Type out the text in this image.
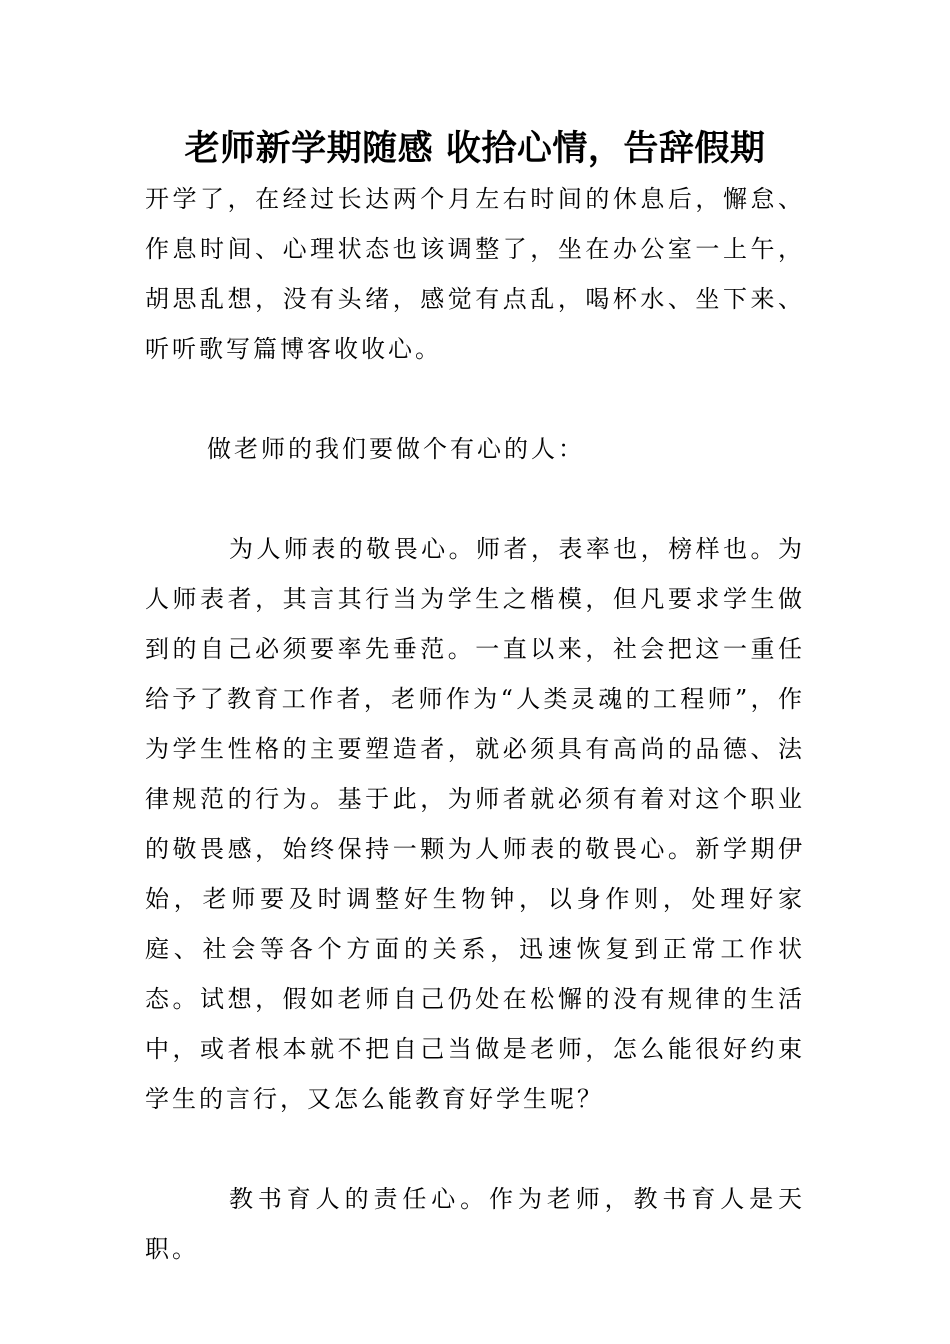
老师新学期随感 收拾心情，告辞假期

开学了，在经过长达两个月左右时间的休息后，懈怠、作息时间、心理状态也该调整了，坐在办公室一上午，胡思乱想，没有头绪，感觉有点乱，喝杯水、坐下来、听听歌写篇博客收收心。

做老师的我们要做个有心的人：

为人师表的敬畏心。师者，表率也，榜样也。为人师表者，其言其行当为学生之楷模，但凡要求学生做到的自己必须要率先垂范。一直以来，社会把这一重任给予了教育工作者，老师作为“人类灵魂的工程师”，作为学生性格的主要塑造者，就必须具有高尚的品德、法律规范的行为。基于此，为师者就必须有着对这个职业的敬畏感，始终保持一颗为人师表的敬畏心。新学期伊始，老师要及时调整好生物钟，以身作则，处理好家庭、社会等各个方面的关系，迅速恢复到正常工作状态。试想，假如老师自己仍处在松懈的没有规律的生活中，或者根本就不把自己当做是老师，怎么能很好约束学生的言行，又怎么能教育好学生呢？

教书育人的责任心。作为老师，教书育人是天职。
